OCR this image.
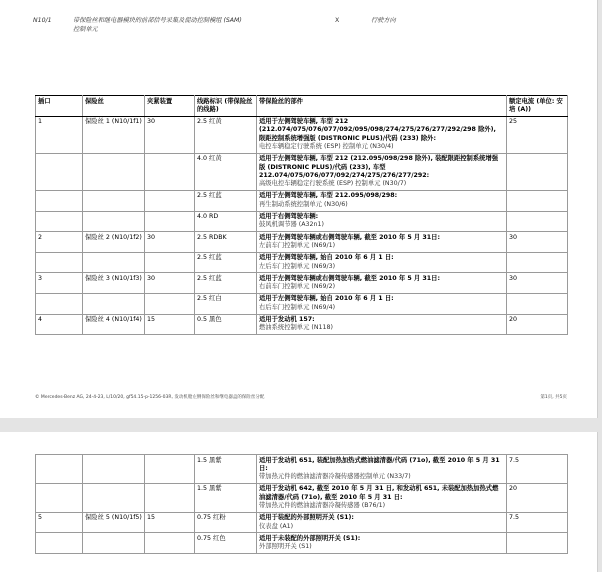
N10/1	带保险丝和继电器模块的前部信号采集及促动控制模组 (SAM)
控制单元
X	行驶方向
插口	保险丝	夹紧装置	线路标识 (带保险丝的线路)	带保险丝的部件	额定电流 (单位: 安培 (A))
1	保险丝 1 (N10/1f1)	30	2.5 红黄	适用于左侧驾驶车辆, 车型 212 (212.074/075/076/077/092/095/098/274/275/276/277/292/298 除外), 限距控制系统增强版 (DISTRONIC PLUS)/代码 (233) 除外:
电控车辆稳定行驶系统 (ESP) 控制单元 (N30/4)	25
			4.0 红黄	适用于左侧驾驶车辆, 车型 212 (212.095/098/298 除外), 装配限距控制系统增强版 (DISTRONIC PLUS)/代码 (233), 车型 212.074/075/076/077/092/274/275/276/277/292:
高级电控车辆稳定行驶系统 (ESP) 控制单元 (N30/7)	
			2.5 红蓝	适用于左侧驾驶车辆, 车型 212.095/098/298:
再生制动系统控制单元 (N30/6)	
			4.0 RD	适用于右侧驾驶车辆:
鼓风机调节器 (A32n1)	
2	保险丝 2 (N10/1f2)	30	2.5 RDBK	适用于左侧驾驶车辆或右侧驾驶车辆, 截至 2010 年 5 月 31日:
左前车门控制单元 (N69/1)	30
			2.5 红蓝	适用于左侧驾驶车辆, 始自 2010 年 6 月 1 日:
左后车门控制单元 (N69/3)	
3	保险丝 3 (N10/1f3)	30	2.5 红蓝	适用于左侧驾驶车辆或右侧驾驶车辆, 截至 2010 年 5 月 31日:
右前车门控制单元 (N69/2)	30
			2.5 红白	适用于左侧驾驶车辆, 始自 2010 年 6 月 1 日:
右后车门控制单元 (N69/4)	
4	保险丝 4 (N10/1f4)	15	0.5 黑色	适用于发动机 157:
燃油系统控制单元 (N118)	20
© Mercedes-Benz AG, 24-4-23, L/10/20, gf54.15-p-1256-03R, 发动机舱左侧保险丝和继电器盒的保险丝分配	第1页, 共5页
			1.5 黑紫	适用于发动机 651, 装配加热加热式燃油滤清器/代码 (71o), 截至 2010 年 5 月 31 日:
带加热元件的燃油滤清器冷凝传感器控制单元 (N33/7)	7.5
			1.5 黑紫	适用于发动机 642, 截至 2010 年 5 月 31 日, 和发动机 651, 未装配加热加热式燃油滤清器/代码 (71o), 截至 2010 年 5 月 31 日:
带加热元件的燃油滤清器冷凝传感器 (B76/1)	20
5	保险丝 5 (N10/1f5)	15	0.75 红粉	适用于装配的外部照明开关 (S1):
仪表盘 (A1)	7.5
			0.75 红色	适用于未装配的外部照明开关 (S1):
外部照明开关 (S1)	
